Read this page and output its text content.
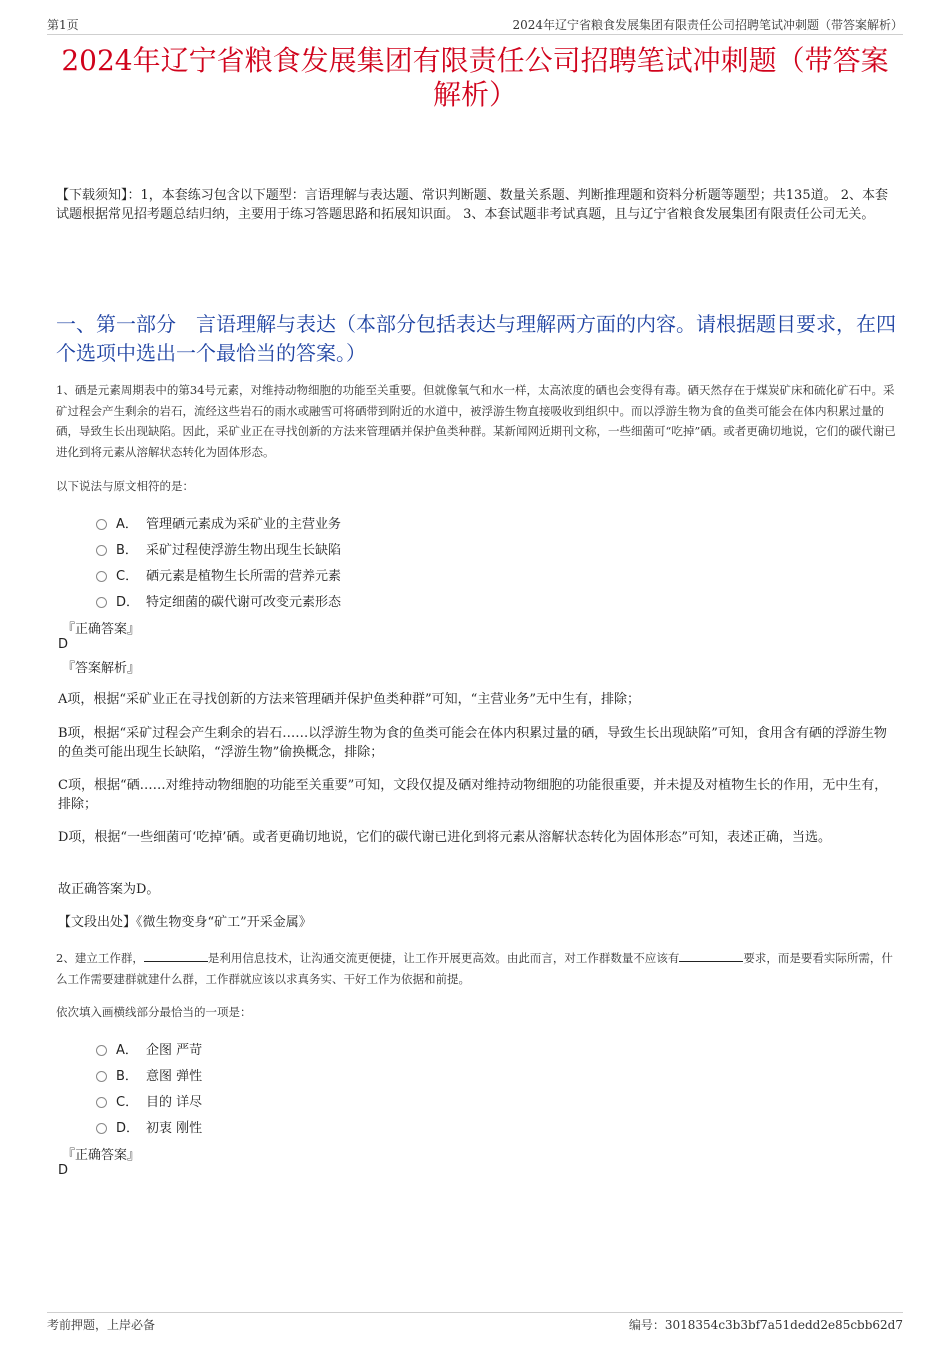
第1页	2024年辽宁省粮食发展集团有限责任公司招聘笔试冲刺题（带答案解析）
2024年辽宁省粮食发展集团有限责任公司招聘笔试冲刺题（带答案解析）
【下载须知】：1，本套练习包含以下题型：言语理解与表达题、常识判断题、数量关系题、判断推理题和资料分析题等题型；共135道。 2、本套试题根据常见招考题总结归纳，主要用于练习答题思路和拓展知识面。 3、本套试题非考试真题，且与辽宁省粮食发展集团有限责任公司无关。
一、第一部分　言语理解与表达（本部分包括表达与理解两方面的内容。请根据题目要求，在四个选项中选出一个最恰当的答案。）
1、硒是元素周期表中的第34号元素，对维持动物细胞的功能至关重要。但就像氧气和水一样，太高浓度的硒也会变得有毒。硒天然存在于煤炭矿床和硫化矿石中。采矿过程会产生剩余的岩石，流经这些岩石的雨水或融雪可将硒带到附近的水道中，被浮游生物直接吸收到组织中。而以浮游生物为食的鱼类可能会在体内积累过量的硒，导致生长出现缺陷。因此，采矿业正在寻找创新的方法来管理硒并保护鱼类种群。某新闻网近期刊文称，一些细菌可“吃掉”硒。或者更确切地说，它们的碳代谢已进化到将元素从溶解状态转化为固体形态。
以下说法与原文相符的是：
A． 管理硒元素成为采矿业的主营业务
B． 采矿过程使浮游生物出现生长缺陷
C． 硒元素是植物生长所需的营养元素
D． 特定细菌的碳代谢可改变元素形态
『正确答案』
D
『答案解析』
A项，根据“采矿业正在寻找创新的方法来管理硒并保护鱼类种群”可知，“主营业务”无中生有，排除；
B项，根据“采矿过程会产生剩余的岩石……以浮游生物为食的鱼类可能会在体内积累过量的硒，导致生长出现缺陷”可知，食用含有硒的浮游生物的鱼类可能出现生长缺陷，“浮游生物”偷换概念，排除；
C项，根据“硒……对维持动物细胞的功能至关重要”可知，文段仅提及硒对维持动物细胞的功能很重要，并未提及对植物生长的作用，无中生有，排除；
D项，根据“一些细菌可‘吃掉’硒。或者更确切地说，它们的碳代谢已进化到将元素从溶解状态转化为固体形态”可知，表述正确，当选。
故正确答案为D。
【文段出处】《微生物变身“矿工”开采金属》
2、建立工作群，	是利用信息技术，让沟通交流更便捷，让工作开展更高效。由此而言，对工作群数量不应该有	要求，而是要看实际所需，什么工作需要建群就建什么群，工作群就应该以求真务实、干好工作为依据和前提。
依次填入画横线部分最恰当的一项是：
A． 企图 严苛
B． 意图 弹性
C． 目的 详尽
D． 初衷 刚性
『正确答案』
D
考前押题，上岸必备	编号：3018354c3b3bf7a51dedd2e85cbb62d7
